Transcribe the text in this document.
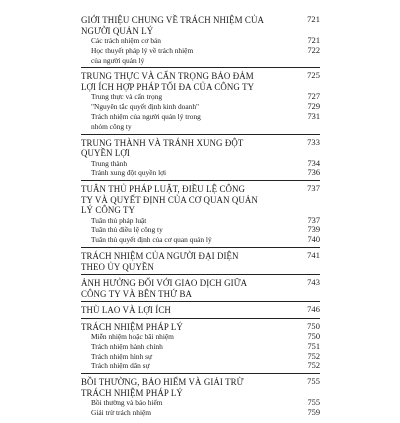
GIỚI THIỆU CHUNG VỀ TRÁCH NHIỆM CỦA	721
NGƯỜI QUẢN LÝ
Các trách nhiệm cơ bản	721
Học thuyết pháp lý về trách nhiệm	722
của người quản lý
TRUNG THỰC VÀ CẨN TRỌNG BẢO ĐẢM	725
LỢI ÍCH HỢP PHÁP TỐI ĐA CỦA CÔNG TY
Trung thực và cẩn trọng	727
"Nguyên tắc quyết định kinh doanh"	729
Trách nhiệm của người quản lý trong	731
nhóm công ty
TRUNG THÀNH VÀ TRÁNH XUNG ĐỘT	733
QUYỀN LỢI
Trung thành	734
Tránh xung đột quyền lợi	736
TUÂN THỦ PHÁP LUẬT, ĐIỀU LỆ CÔNG	737
TY VÀ QUYẾT ĐỊNH CỦA CƠ QUAN QUẢN
LÝ CÔNG TY
Tuân thủ pháp luật	737
Tuân thủ điều lệ công ty	739
Tuân thủ quyết định của cơ quan quản lý	740
TRÁCH NHIỆM CỦA NGƯỜI ĐẠI DIỆN	741
THEO ỦY QUYỀN
ẢNH HƯỞNG ĐỐI VỚI GIAO DỊCH GIỮA	743
CÔNG TY VÀ BÊN THỨ BA
THÙ LAO VÀ LỢI ÍCH	746
TRÁCH NHIỆM PHÁP LÝ	750
Miễn nhiệm hoặc bãi nhiệm	750
Trách nhiệm hành chính	751
Trách nhiệm hình sự	752
Trách nhiệm dân sự	752
BỒI THƯỜNG, BẢO HIỂM VÀ GIẢI TRỪ	755
TRÁCH NHIỆM PHÁP LÝ
Bồi thường và bảo hiểm	755
Giải trừ trách nhiệm	759
